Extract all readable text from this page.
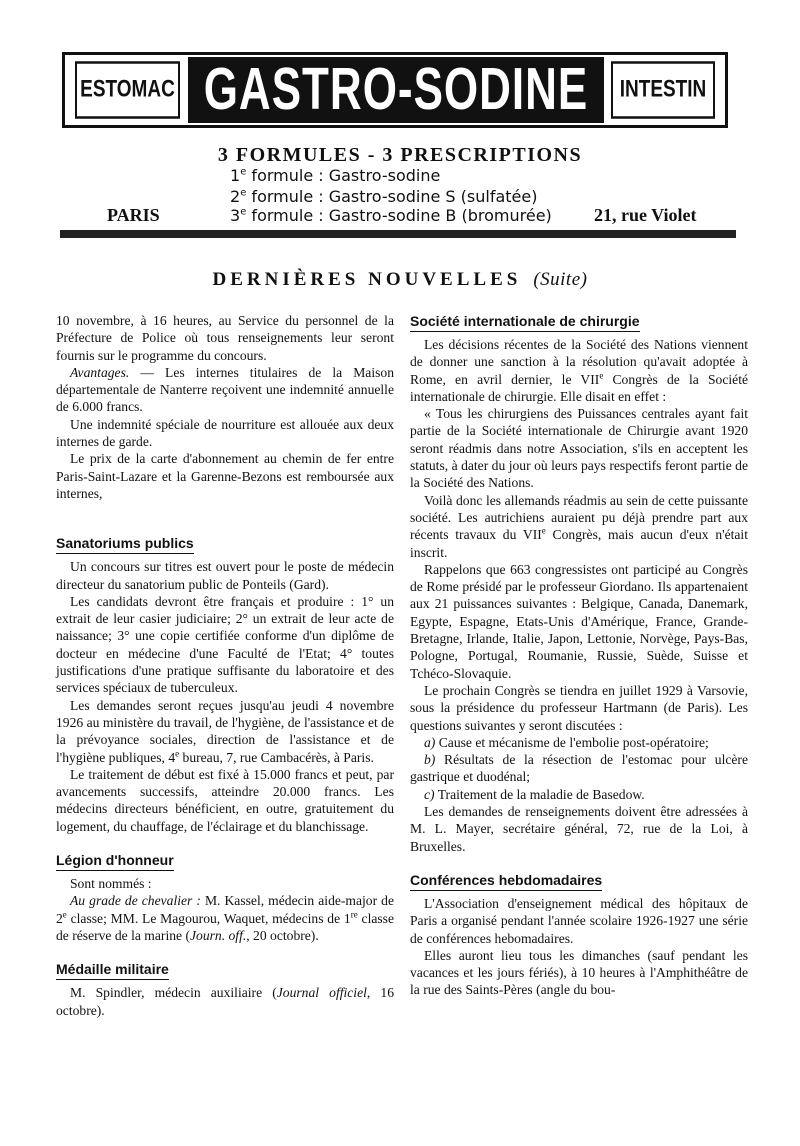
ESTOMAC GASTRO-SODINE	INTESTIN
3 FORMULES - 3 PRESCRIPTIONS
1e formule : Gastro-sodine
2e formule : Gastro-sodine S (sulfatée)
3e formule : Gastro-sodine B (bromurée)
PARIS	21, rue Violet
DERNIÈRES NOUVELLES (Suite)

10 novembre, à 16 heures, au Service du personnel de la Préfecture de Police où tous renseignements leur seront fournis sur le programme du concours.

Avantages. — Les internes titulaires de la Maison départementale de Nanterre reçoivent une indemnité annuelle de 6.000 francs.

Une indemnité spéciale de nourriture est allouée aux deux internes de garde.

Le prix de la carte d'abonnement au chemin de fer entre Paris-Saint-Lazare et la Garenne-Bezons est remboursée aux internes,

Sanatoriums publics

Un concours sur titres est ouvert pour le poste de médecin directeur du sanatorium public de Ponteils (Gard).

Les candidats devront être français et produire : 1° un extrait de leur casier judiciaire; 2° un extrait de leur acte de naissance; 3° une copie certifiée conforme d'un diplôme de docteur en médecine d'une Faculté de l'Etat; 4° toutes justifications d'une pratique suffisante du laboratoire et des services spéciaux de tuberculeux.

Les demandes seront reçues jusqu'au jeudi 4 novembre 1926 au ministère du travail, de l'hygiène, de l'assistance et de la prévoyance sociales, direction de l'assistance et de l'hygiène publiques, 4e bureau, 7, rue Cambacérès, à Paris.

Le traitement de début est fixé à 15.000 francs et peut, par avancements successifs, atteindre 20.000 francs. Les médecins directeurs bénéficient, en outre, gratuitement du logement, du chauffage, de l'éclairage et du blanchissage.

Légion d'honneur

Sont nommés :

Au grade de chevalier : M. Kassel, médecin aide-major de 2e classe; MM. Le Magourou, Waquet, médecins de 1re classe de réserve de la marine (Journ. off., 20 octobre).

Médaille militaire

M. Spindler, médecin auxiliaire (Journal officiel, 16 octobre).

Société internationale de chirurgie

Les décisions récentes de la Société des Nations viennent de donner une sanction à la résolution qu'avait adoptée à Rome, en avril dernier, le VIIe Congrès de la Société internationale de chirurgie. Elle disait en effet :

« Tous les chirurgiens des Puissances centrales ayant fait partie de la Société internationale de Chirurgie avant 1920 seront réadmis dans notre Association, s'ils en acceptent les statuts, à dater du jour où leurs pays respectifs feront partie de la Société des Nations.

Voilà donc les allemands réadmis au sein de cette puissante société. Les autrichiens auraient pu déjà prendre part aux récents travaux du VIIe Congrès, mais aucun d'eux n'était inscrit.

Rappelons que 663 congressistes ont participé au Congrès de Rome présidé par le professeur Giordano. Ils appartenaient aux 21 puissances suivantes : Belgique, Canada, Danemark, Egypte, Espagne, Etats-Unis d'Amérique, France, Grande-Bretagne, Irlande, Italie, Japon, Lettonie, Norvège, Pays-Bas, Pologne, Portugal, Roumanie, Russie, Suède, Suisse et Tchéco-Slovaquie.

Le prochain Congrès se tiendra en juillet 1929 à Varsovie, sous la présidence du professeur Hartmann (de Paris). Les questions suivantes y seront discutées :

a) Cause et mécanisme de l'embolie post-opératoire;

b) Résultats de la résection de l'estomac pour ulcère gastrique et duodénal;

c) Traitement de la maladie de Basedow.

Les demandes de renseignements doivent être adressées à M. L. Mayer, secrétaire général, 72, rue de la Loi, à Bruxelles.

Conférences hebdomadaires

L'Association d'enseignement médical des hôpitaux de Paris a organisé pendant l'année scolaire 1926-1927 une série de conférences hebomadaires.

Elles auront lieu tous les dimanches (sauf pendant les vacances et les jours fériés), à 10 heures à l'Amphithéâtre de la rue des Saints-Pères (angle du bou-
